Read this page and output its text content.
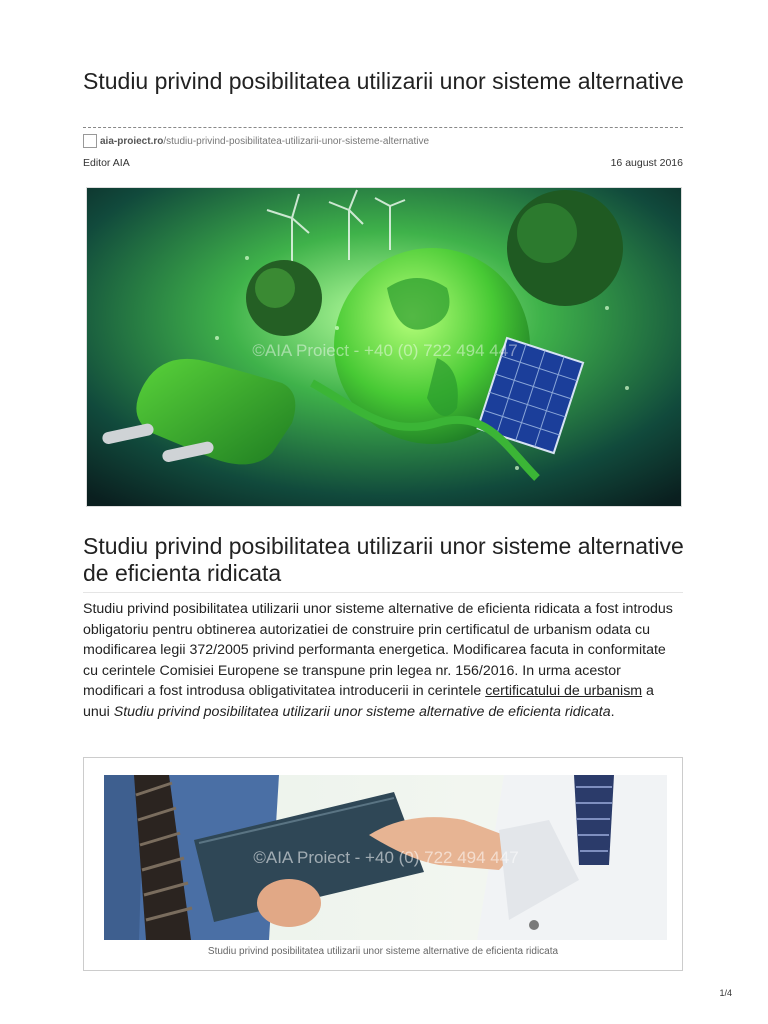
Studiu privind posibilitatea utilizarii unor sisteme alternative
aia-proiect.ro /studiu-privind-posibilitatea-utilizarii-unor-sisteme-alternative
Editor AIA	16 august 2016
©AIA Proiect - +40 (0) 722 494 447
Studiu privind posibilitatea utilizarii unor sisteme alternative de eficienta ridicata

Studiu privind posibilitatea utilizarii unor sisteme alternative de eficienta ridicata a fost introdus obligatoriu pentru obtinerea autorizatiei de construire prin certificatul de urbanism odata cu modificarea legii 372/2005 privind performanta energetica. Modificarea facuta in conformitate cu cerintele Comisiei Europene se transpune prin legea nr. 156/2016. In urma acestor modificari a fost introdusa obligativitatea introducerii in cerintele certificatului de urbanism a unui Studiu privind posibilitatea utilizarii unor sisteme alternative de eficienta ridicata.

©AIA Proiect - +40 (0) 722 494 447
Studiu privind posibilitatea utilizarii unor sisteme alternative de eficienta ridicata
1/4
